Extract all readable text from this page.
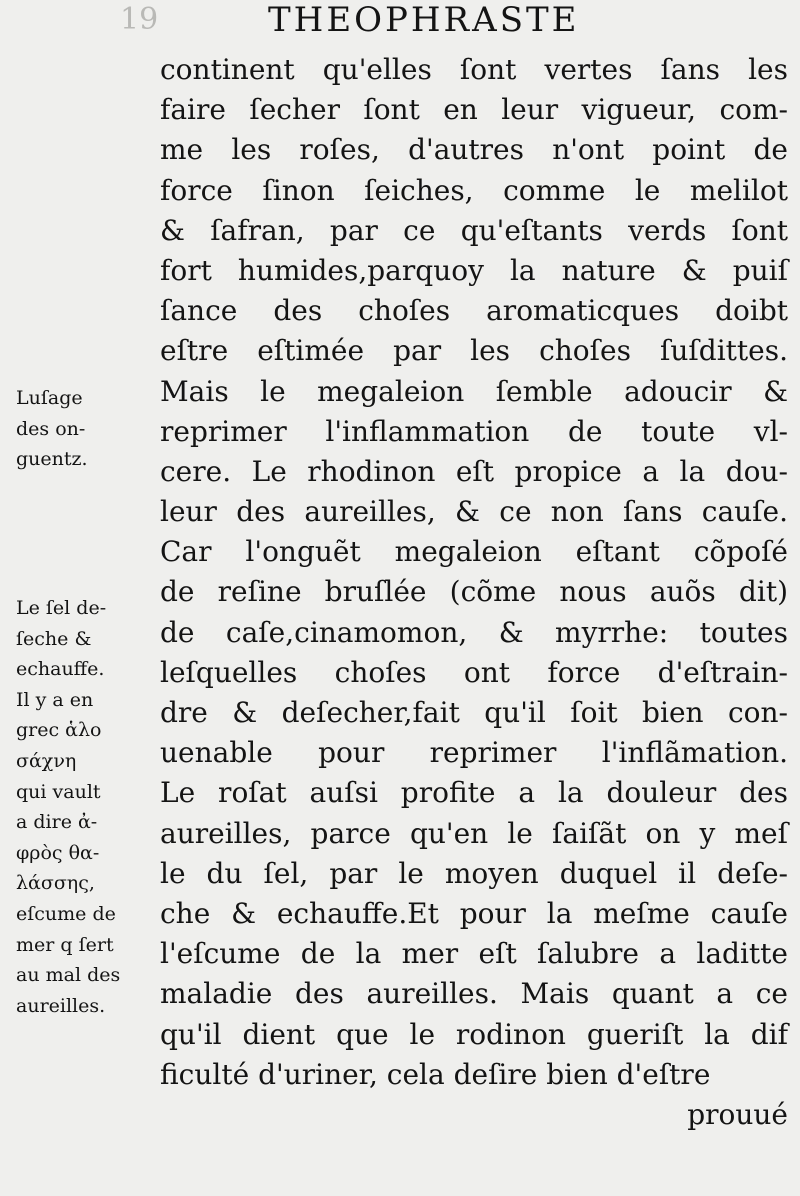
19	THEOPHRASTE
continent qu'elles ſont vertes ſans les
faire ſecher ſont en leur vigueur, com-
me les roſes, d'autres n'ont point de
force ſinon ſeiches, comme le melilot
& ſafran, par ce qu'eſtants verds ſont
fort humides,parquoy la nature & puiſ
ſance des choſes aromaticques doibt
eſtre eſtimée par les choſes ſuſdittes.
Mais le megaleion ſemble adoucir &
reprimer l'inflammation de toute vl-
cere. Le rhodinon eſt propice a la dou-
leur des aureilles, & ce non ſans cauſe.
Car l'onguẽt megaleion eſtant cõpoſé
de reſine bruſlée (cõme nous auõs dit)
de caſe,cinamomon, & myrrhe: toutes
leſquelles choſes ont force d'eſtrain-
dre & deſecher,fait qu'il ſoit bien con-
uenable pour reprimer l'inflãmation.
Le roſat auſsi profite a la douleur des
aureilles, parce qu'en le ſaiſãt on y meſ
le du ſel, par le moyen duquel il deſe-
che & echauffe.Et pour la meſme cauſe
l'eſcume de la mer eſt ſalubre a laditte
maladie des aureilles. Mais quant a ce
qu'il dient que le rodinon gueriſt la dif
ficulté d'uriner, cela deſire bien d'eſtre
prouué
Luſage
des on-
guentz.
Le ſel de-
ſeche &
echauffe.
Il y a en
grec ἁλο
σάχνη
qui vault
a dire ἀ-
φρὸς θα-
λάσσης,
eſcume de
mer q ſert
au mal des
aureilles.
